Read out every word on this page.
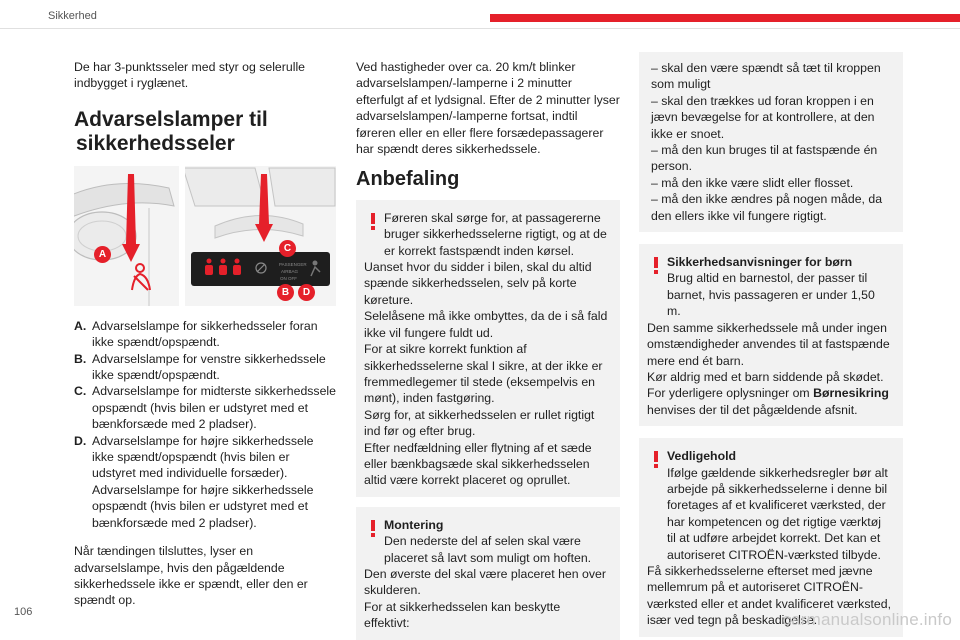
Sikkerhed

De har 3-punktsseler med styr og selerulle indbygget i ryglænet.

Advarselslamper til
sikkerhedsseler
A
PASSENGER
AIRBAG
ON OFF
C
B	D
A. Advarselslampe for sikkerhedsseler foran ikke spændt/opspændt.
B. Advarselslampe for venstre sikkerhedssele ikke spændt/opspændt.
C. Advarselslampe for midterste sikkerhedssele opspændt (hvis bilen er udstyret med et bænkforsæde med 2 pladser).
D. Advarselslampe for højre sikkerhedssele ikke spændt/opspændt (hvis bilen er udstyret med individuelle forsæder).

Advarselslampe for højre sikkerhedssele opspændt (hvis bilen er udstyret med et bænkforsæde med 2 pladser).

Når tændingen tilsluttes, lyser en advarselslampe, hvis den pågældende sikkerhedssele ikke er spændt, eller den er spændt op.

Ved hastigheder over ca. 20 km/t blinker advarselslampen/-lamperne i 2 minutter efterfulgt af et lydsignal. Efter de 2 minutter lyser advarselslampen/-lamperne fortsat, indtil føreren eller en eller flere forsædepassagerer har spændt deres sikkerhedssele.

Anbefaling

Føreren skal sørge for, at passagererne bruger sikkerhedsselerne rigtigt, og at de er korrekt fastspændt inden kørsel.

Uanset hvor du sidder i bilen, skal du altid spænde sikkerhedsselen, selv på korte køreture.

Selelåsene må ikke ombyttes, da de i så fald ikke vil fungere fuldt ud.

For at sikre korrekt funktion af sikkerhedsselerne skal I sikre, at der ikke er fremmedlegemer til stede (eksempelvis en mønt), inden fastgøring.

Sørg for, at sikkerhedsselen er rullet rigtigt ind før og efter brug.

Efter nedfældning eller flytning af et sæde eller bænkbagsæde skal sikkerhedsselen altid være korrekt placeret og oprullet.

Montering

Den nederste del af selen skal være placeret så lavt som muligt om hoften.

Den øverste del skal være placeret hen over skulderen.

For at sikkerhedsselen kan beskytte effektivt:

– skal den være spændt så tæt til kroppen som muligt

– skal den trækkes ud foran kroppen i en jævn bevægelse for at kontrollere, at den ikke er snoet.

– må den kun bruges til at fastspænde én person.

– må den ikke være slidt eller flosset.

– må den ikke ændres på nogen måde, da den ellers ikke vil fungere rigtigt.

Sikkerhedsanvisninger for børn

Brug altid en barnestol, der passer til barnet, hvis passageren er under 1,50 m.

Den samme sikkerhedssele må under ingen omstændigheder anvendes til at fastspænde mere end ét barn.

Kør aldrig med et barn siddende på skødet.

For yderligere oplysninger om Børnesikring henvises der til det pågældende afsnit.

Vedligehold

Ifølge gældende sikkerhedsregler bør alt arbejde på sikkerhedsselerne i denne bil foretages af et kvalificeret værksted, der har kompetencen og det rigtige værktøj til at udføre arbejdet korrekt. Det kan et autoriseret CITROËN-værksted tilbyde.

Få sikkerhedsselerne efterset med jævne mellemrum på et autoriseret CITROËN-værksted eller et andet kvalificeret værksted, især ved tegn på beskadigelse.

106	carmanualsonline.info
